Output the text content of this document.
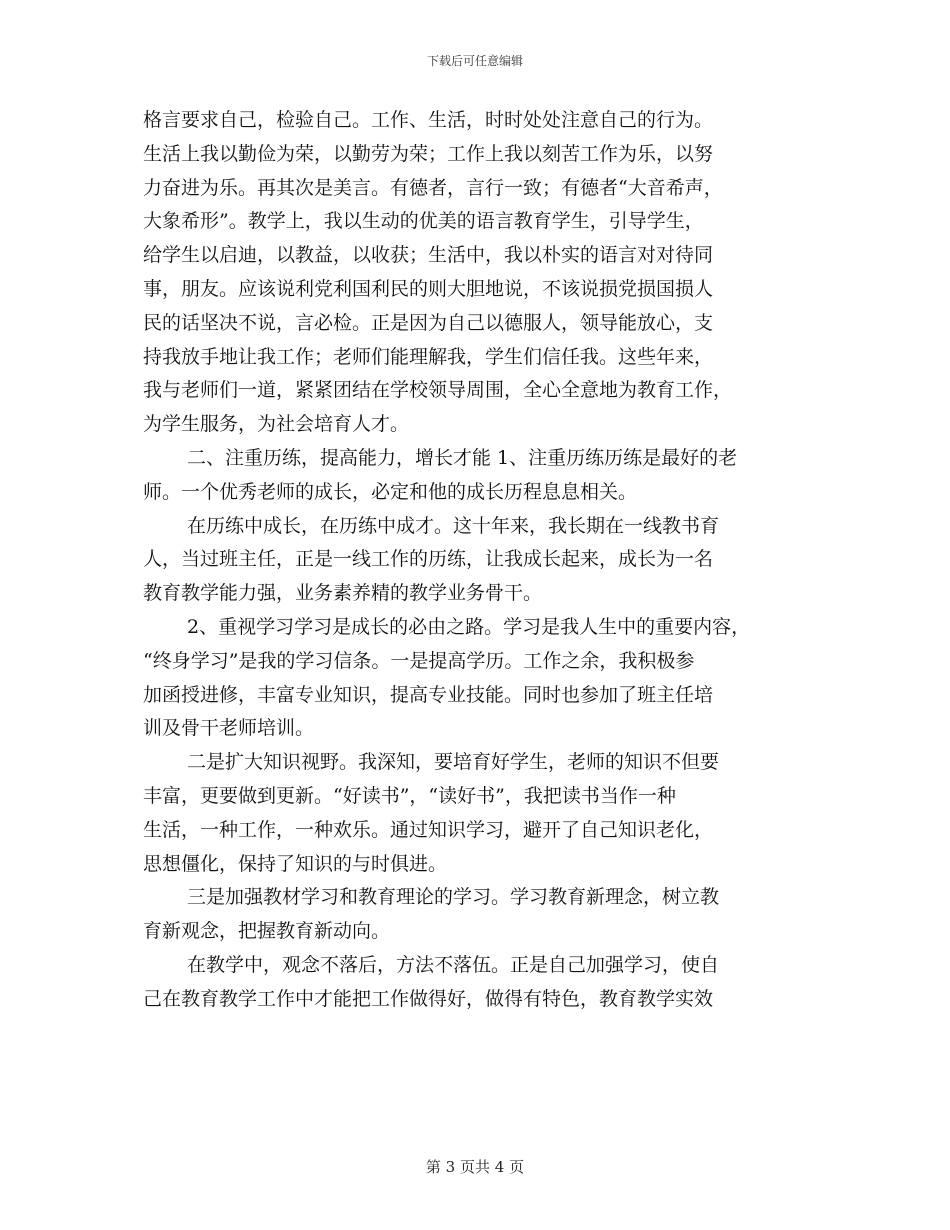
下载后可任意编辑
格言要求自己，检验自己。工作、生活，时时处处注意自己的行为。
生活上我以勤俭为荣，以勤劳为荣；工作上我以刻苦工作为乐，以努
力奋进为乐。再其次是美言。有德者，言行一致；有德者“大音希声，
大象希形”。教学上，我以生动的优美的语言教育学生，引导学生，
给学生以启迪，以教益，以收获；生活中，我以朴实的语言对对待同
事，朋友。应该说利党利国利民的则大胆地说，不该说损党损国损人
民的话坚决不说，言必检。正是因为自己以德服人，领导能放心，支
持我放手地让我工作；老师们能理解我，学生们信任我。这些年来，
我与老师们一道，紧紧团结在学校领导周围，全心全意地为教育工作，
为学生服务，为社会培育人才。
二、注重历练，提高能力，增长才能 1、注重历练历练是最好的老
师。一个优秀老师的成长，必定和他的成长历程息息相关。
在历练中成长，在历练中成才。这十年来，我长期在一线教书育
人，当过班主任，正是一线工作的历练，让我成长起来，成长为一名
教育教学能力强，业务素养精的教学业务骨干。
2、重视学习学习是成长的必由之路。学习是我人生中的重要内容，
“终身学习”是我的学习信条。一是提高学历。工作之余，我积极参
加函授进修，丰富专业知识，提高专业技能。同时也参加了班主任培
训及骨干老师培训。
二是扩大知识视野。我深知，要培育好学生，老师的知识不但要
丰富，更要做到更新。“好读书”，“读好书”，我把读书当作一种
生活，一种工作，一种欢乐。通过知识学习，避开了自己知识老化，
思想僵化，保持了知识的与时俱进。
三是加强教材学习和教育理论的学习。学习教育新理念，树立教
育新观念，把握教育新动向。
在教学中，观念不落后，方法不落伍。正是自己加强学习，使自
己在教育教学工作中才能把工作做得好，做得有特色，教育教学实效
第 3 页共 4 页
